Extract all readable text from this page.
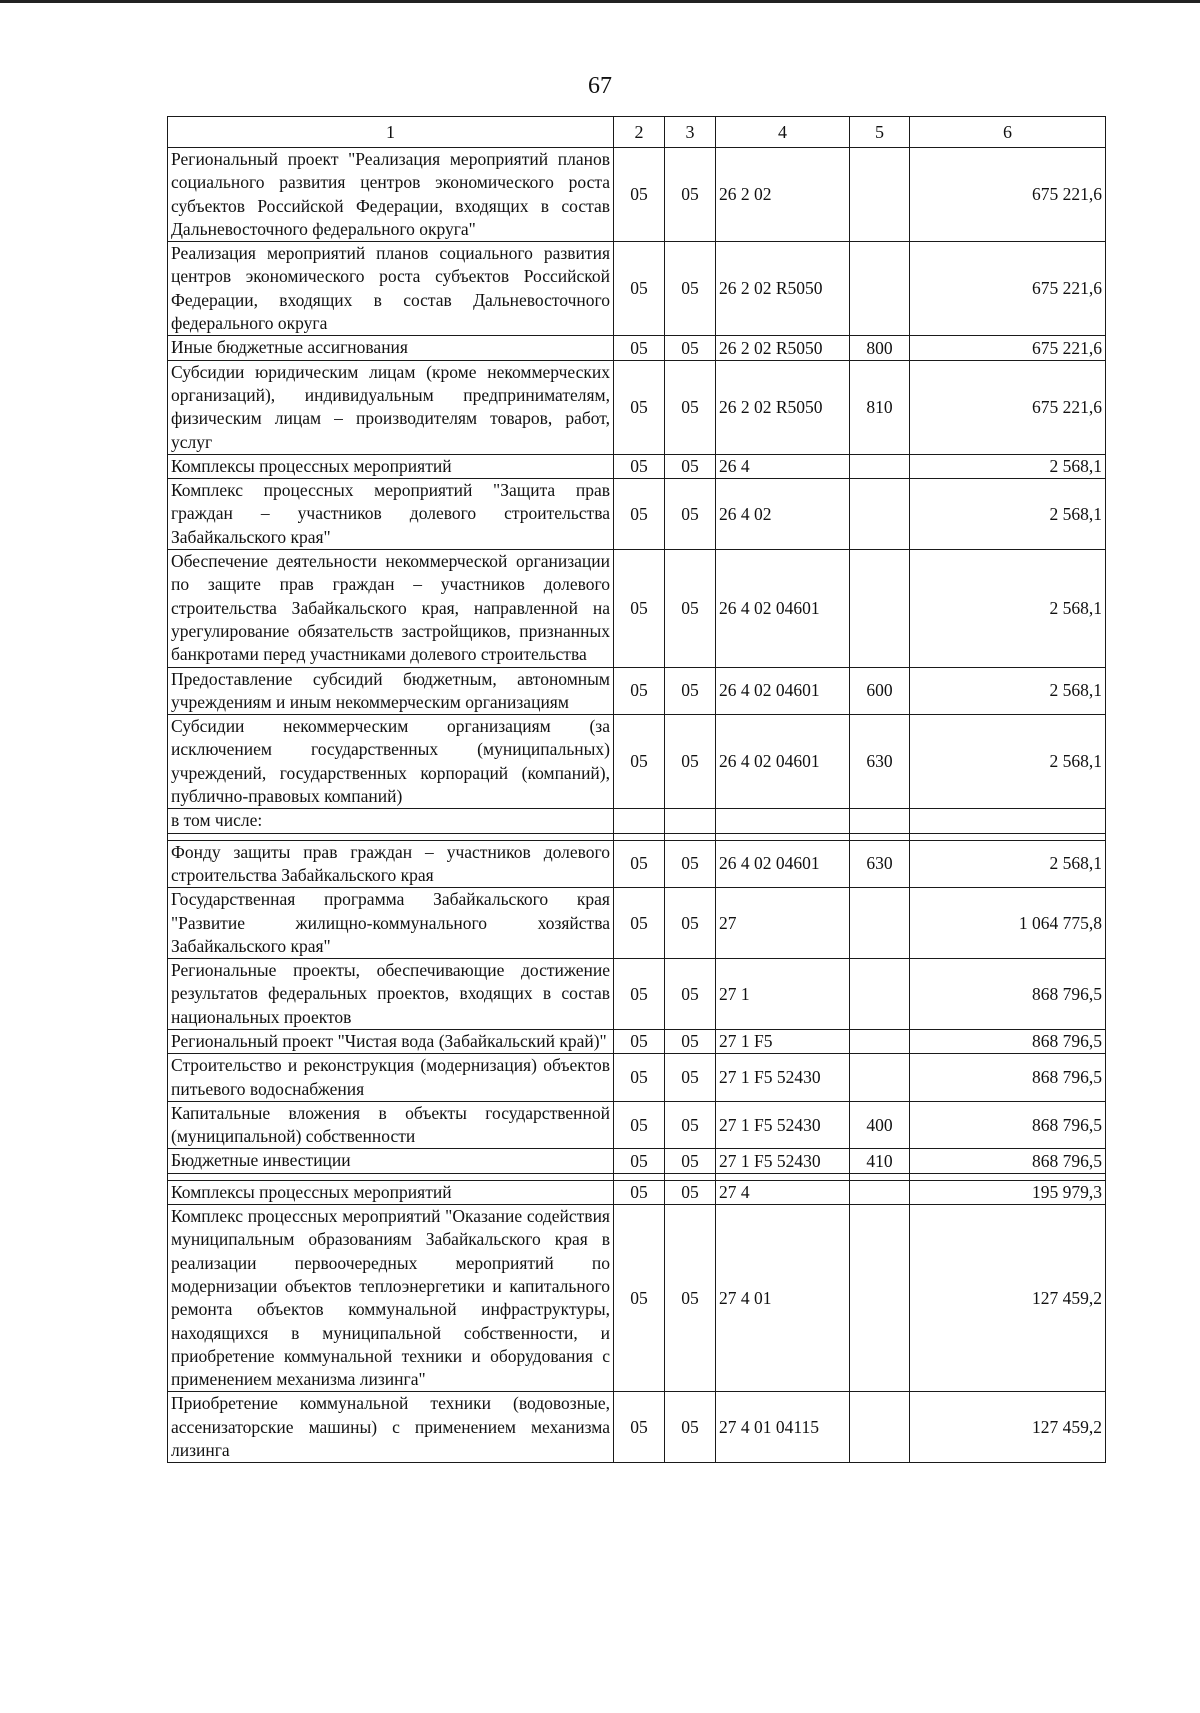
67
1	2	3	4	5	6
Региональный проект "Реализация мероприятий планов социального развития центров экономического роста субъектов Российской Федерации, входящих в состав Дальневосточного федерального округа"	05	05	26 2 02		675 221,6
Реализация мероприятий планов социального развития центров экономического роста субъектов Российской Федерации, входящих в состав Дальневосточного федерального округа	05	05	26 2 02 R5050		675 221,6
Иные бюджетные ассигнования	05	05	26 2 02 R5050	800	675 221,6
Субсидии юридическим лицам (кроме некоммерческих организаций), индивидуальным предпринимателям, физическим лицам – производителям товаров, работ, услуг	05	05	26 2 02 R5050	810	675 221,6
Комплексы процессных мероприятий	05	05	26 4		2 568,1
Комплекс процессных мероприятий "Защита прав граждан – участников долевого строительства Забайкальского края"	05	05	26 4 02		2 568,1
Обеспечение деятельности некоммерческой организации по защите прав граждан – участников долевого строительства Забайкальского края, направленной на урегулирование обязательств застройщиков, признанных банкротами перед участниками долевого строительства	05	05	26 4 02 04601		2 568,1
Предоставление субсидий бюджетным, автономным учреждениям и иным некоммерческим организациям	05	05	26 4 02 04601	600	2 568,1
Субсидии некоммерческим организациям (за исключением государственных (муниципальных) учреждений, государственных корпораций (компаний), публично-правовых компаний)	05	05	26 4 02 04601	630	2 568,1
в том числе:					

Фонду защиты прав граждан – участников долевого строительства Забайкальского края	05	05	26 4 02 04601	630	2 568,1
Государственная программа Забайкальского края "Развитие жилищно-коммунального хозяйства Забайкальского края"	05	05	27		1 064 775,8
Региональные проекты, обеспечивающие достижение результатов федеральных проектов, входящих в состав национальных проектов	05	05	27 1		868 796,5
Региональный проект "Чистая вода (Забайкальский край)"	05	05	27 1 F5		868 796,5
Строительство и реконструкция (модернизация) объектов питьевого водоснабжения	05	05	27 1 F5 52430		868 796,5
Капитальные вложения в объекты государственной (муниципальной) собственности	05	05	27 1 F5 52430	400	868 796,5
Бюджетные инвестиции	05	05	27 1 F5 52430	410	868 796,5

Комплексы процессных мероприятий	05	05	27 4		195 979,3
Комплекс процессных мероприятий "Оказание содействия муниципальным образованиям Забайкальского края в реализации первоочередных мероприятий по модернизации объектов теплоэнергетики и капитального ремонта объектов коммунальной инфраструктуры, находящихся в муниципальной собственности, и приобретение коммунальной техники и оборудования с применением механизма лизинга"	05	05	27 4 01		127 459,2
Приобретение коммунальной техники (водовозные, ассенизаторские машины) с применением механизма лизинга	05	05	27 4 01 04115		127 459,2
